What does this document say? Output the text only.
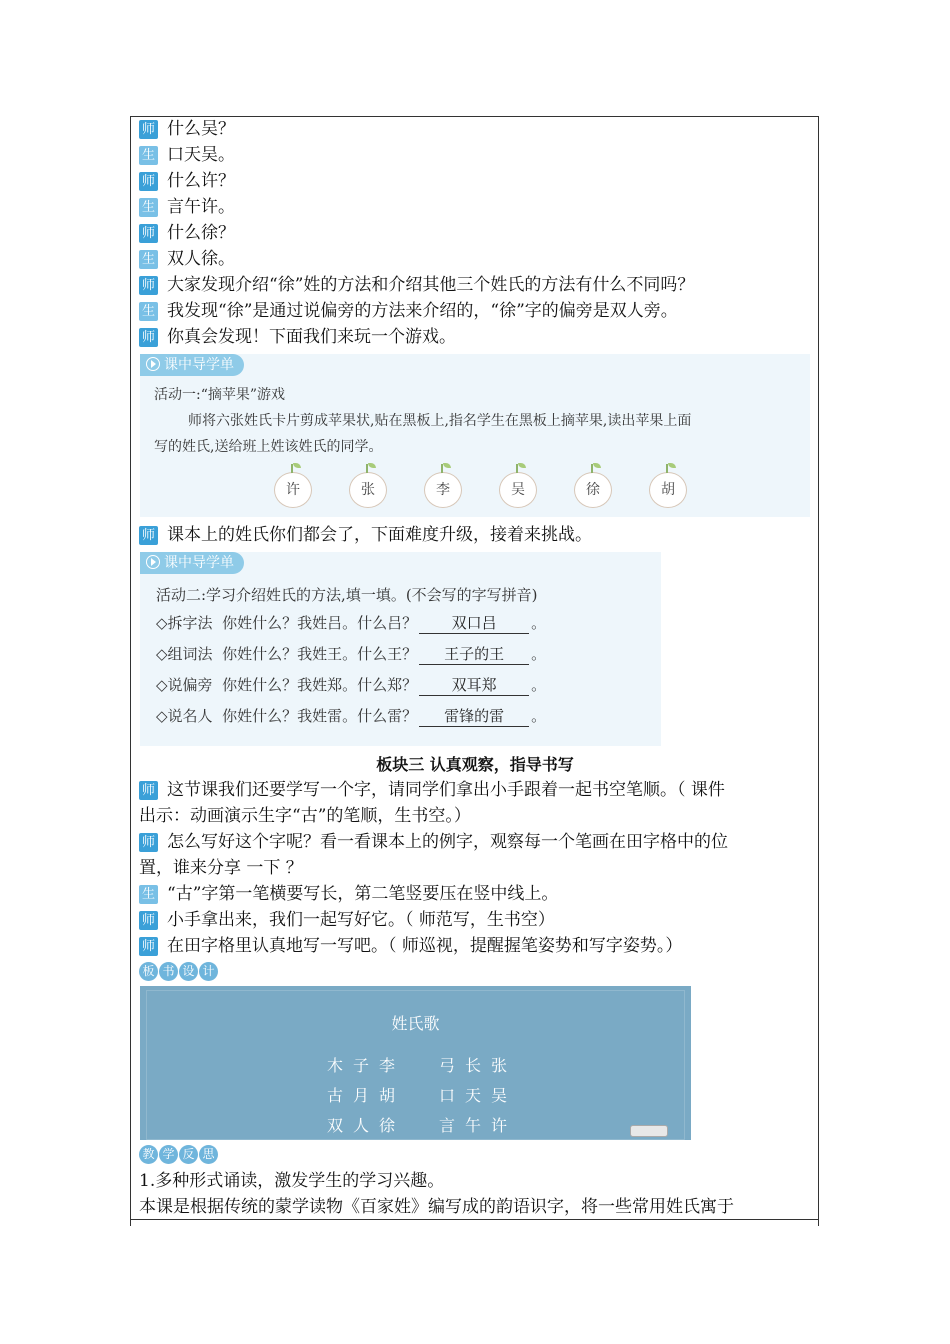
师 什么吴？
生 口天吴。
师 什么许？
生 言午许。
师 什么徐？
生 双人徐。
师 大家发现介绍“徐”姓的方法和介绍其他三个姓氏的方法有什么不同吗？
生 我发现“徐”是通过说偏旁的方法来介绍的，“徐”字的偏旁是双人旁。
师 你真会发现！下面我们来玩一个游戏。
课中导学单
活动一:“摘苹果”游戏
师将六张姓氏卡片剪成苹果状,贴在黑板上,指名学生在黑板上摘苹果,读出苹果上面
写的姓氏,送给班上姓该姓氏的同学。
许	张	李	吴	徐	胡
师 课本上的姓氏你们都会了，下面难度升级，接着来挑战。
课中导学单
活动二:学习介绍姓氏的方法,填一填。(不会写的字写拼音)
◇拆字法 你姓什么？我姓吕。什么吕？ 双口吕 。
◇组词法 你姓什么？我姓王。什么王？ 王子的王 。
◇说偏旁 你姓什么？我姓郑。什么郑？ 双耳郑 。
◇说名人 你姓什么？我姓雷。什么雷？ 雷锋的雷 。
板块三 认真观察，指导书写
师 这节课我们还要学写一个字，请同学们拿出小手跟着一起书空笔顺。（ 课件
出示：动画演示生字“古”的笔顺，生书空。）
师 怎么写好这个字呢？看一看课本上的例字，观察每一个笔画在田字格中的位
置，谁来分享 一下 ？
生 “古”字第一笔横要写长，第二笔竖要压在竖中线上。
师 小手拿出来，我们一起写好它。（ 师范写，生书空）
师 在田字格里认真地写一写吧。（ 师巡视，提醒握笔姿势和写字姿势。）
板 书 设 计
姓氏歌
木子李 弓长张
古月胡 口天吴
双人徐 言午许
教 学 反 思
1.多种形式诵读，激发学生的学习兴趣。
本课是根据传统的蒙学读物《百家姓》编写成的韵语识字，将一些常用姓氏寓于
